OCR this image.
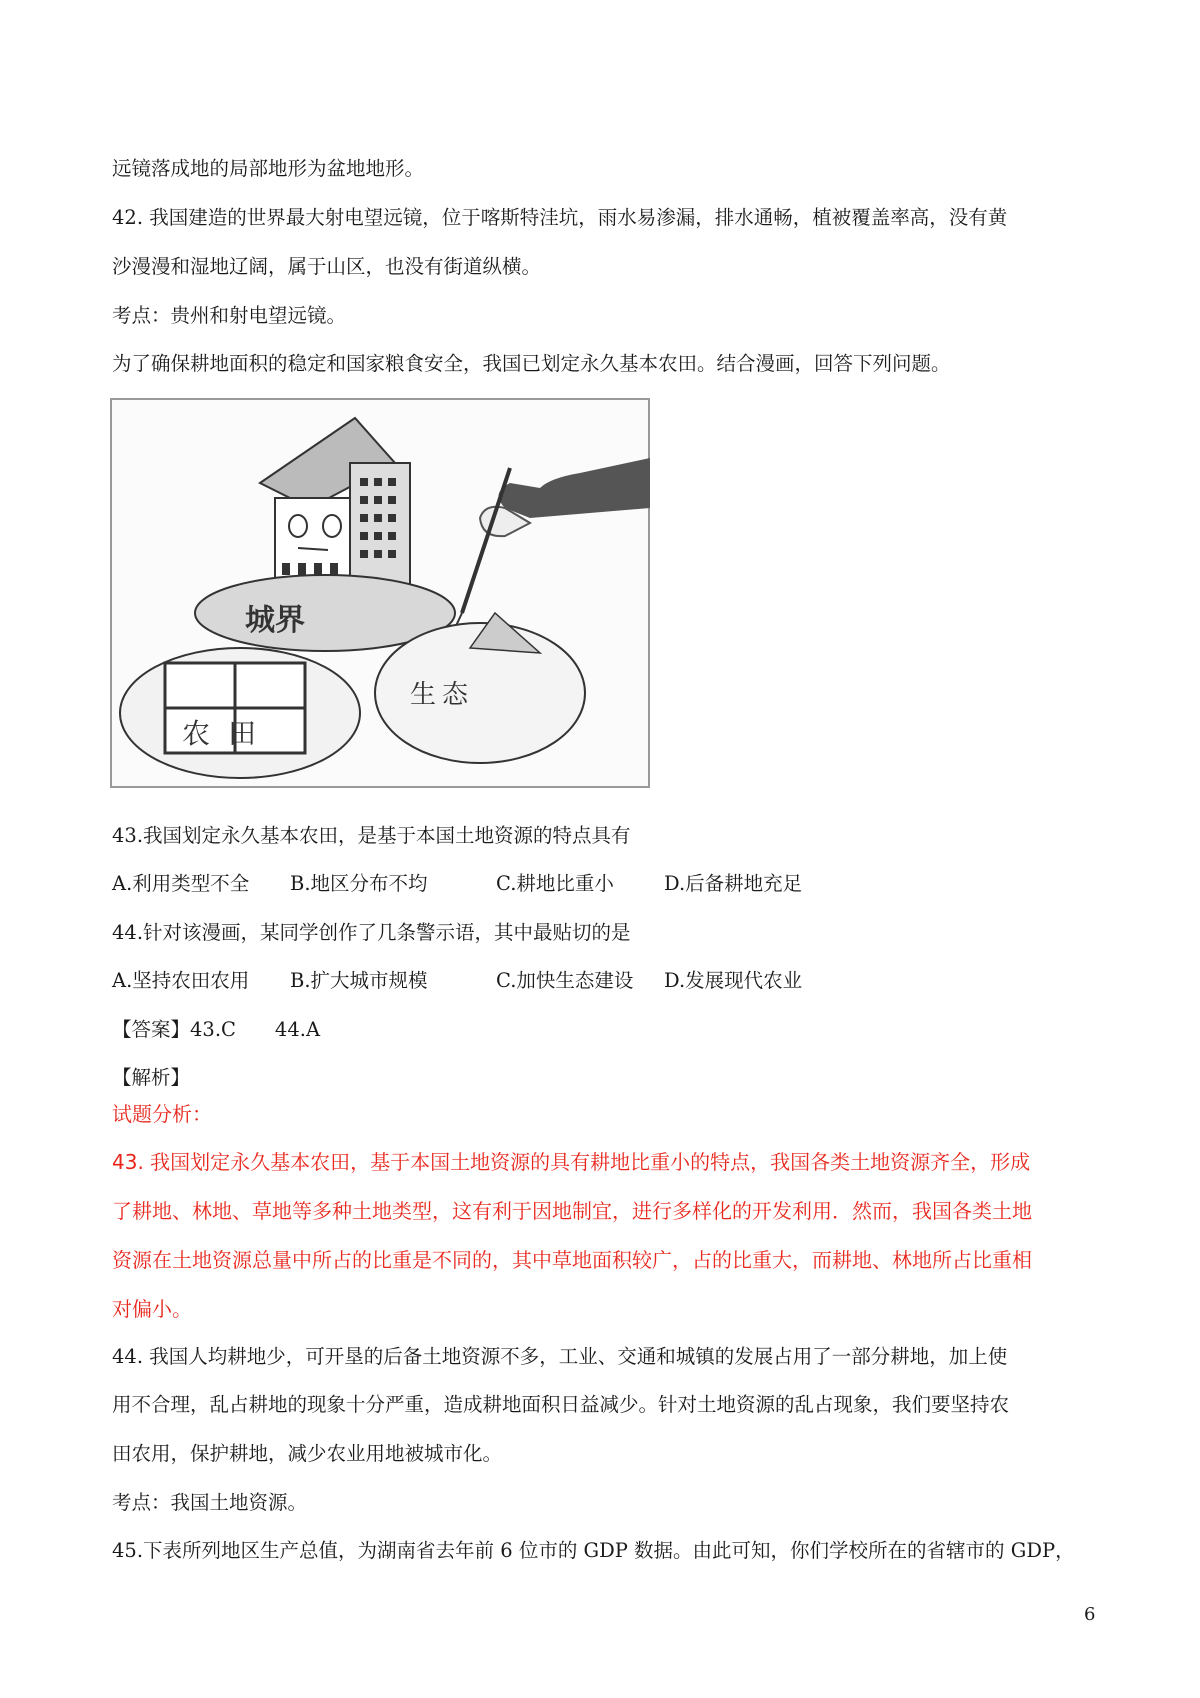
远镜落成地的局部地形为盆地地形。
42. 我国建造的世界最大射电望远镜，位于喀斯特洼坑，雨水易渗漏，排水通畅，植被覆盖率高，没有黄
沙漫漫和湿地辽阔，属于山区，也没有街道纵横。
考点：贵州和射电望远镜。
为了确保耕地面积的稳定和国家粮食安全，我国已划定永久基本农田。结合漫画，回答下列问题。
城界
农田
生态
43.我国划定永久基本农田，是基于本国土地资源的特点具有
A.利用类型不全 B.地区分布不均	C.耕地比重小	D.后备耕地充足
44.针对该漫画，某同学创作了几条警示语，其中最贴切的是
A.坚持农田农用 B.扩大城市规模	C.加快生态建设 D.发展现代农业
【答案】43.C　　44.A
【解析】
试题分析：
43. 我国划定永久基本农田，基于本国土地资源的具有耕地比重小的特点，我国各类土地资源齐全，形成
了耕地、林地、草地等多种土地类型，这有利于因地制宜，进行多样化的开发利用．然而，我国各类土地
资源在土地资源总量中所占的比重是不同的，其中草地面积较广，占的比重大，而耕地、林地所占比重相
对偏小。
44. 我国人均耕地少，可开垦的后备土地资源不多，工业、交通和城镇的发展占用了一部分耕地，加上使
用不合理，乱占耕地的现象十分严重，造成耕地面积日益减少。针对土地资源的乱占现象，我们要坚持农
田农用，保护耕地，减少农业用地被城市化。
考点：我国土地资源。
45.下表所列地区生产总值，为湖南省去年前 6 位市的 GDP 数据。由此可知，你们学校所在的省辖市的 GDP，
6
